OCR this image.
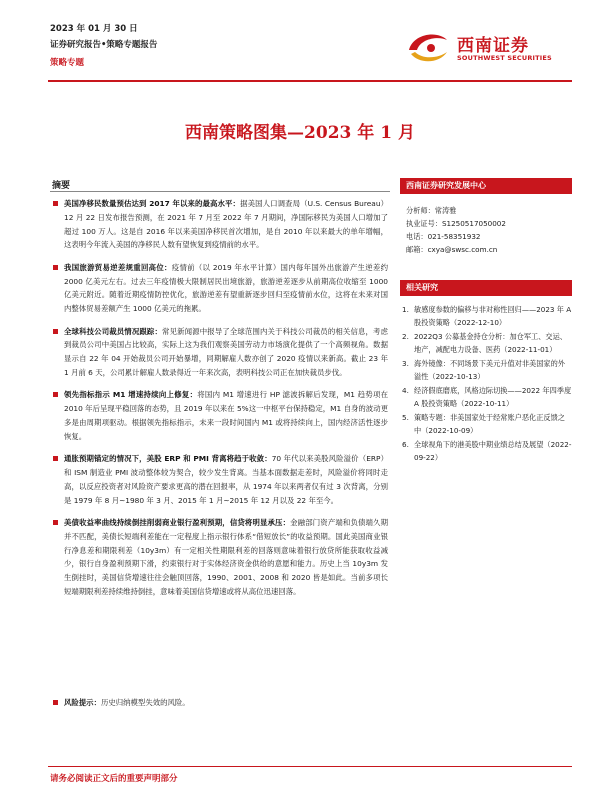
2023 年 01 月 30 日
证券研究报告•策略专题报告
策略专题
西南证券
SOUTHWEST SECURITIES
西南策略图集—2023 年 1 月
摘要
美国净移民数量预估达到 2017 年以来的最高水平：据美国人口调查局（U.S. Census Bureau）12 月 22 日发布报告预测，在 2021 年 7 月至 2022 年 7 月期间，净国际移民为美国人口增加了超过 100 万人。这是自 2016 年以来美国净移民首次增加，是自 2010 年以来最大的单年增幅，这表明今年流入美国的净移民人数有望恢复到疫情前的水平。
我国旅游贸易逆差规重回高位：疫情前（以 2019 年水平计算）国内每年国外出旅游产生逆差约 2000 亿美元左右。过去三年疫情极大限制居民出境旅游，旅游逆差逐步从前期高位收缩至 1000 亿美元附近。随着近期疫情防控优化，旅游逆差有望重新逐步回归至疫情前水位，这将在未来对国内整体贸易差额产生 1000 亿美元的拖累。
全球科技公司裁员情况跟踪：常见新闻源中报导了全球范围内关于科技公司裁员的相关信息，考虑到裁员公司中美国占比较高，实际上这为我们观察美国劳动力市场演化提供了一个高频视角。数据显示自 22 年 04 开始裁员公司开始暴增，同期解雇人数亦创了 2020 疫情以来新高。截止 23 年 1 月前 6 天，公司累计解雇人数录得近一年来次高，表明科技公司正在加快裁员步伐。
领先指标指示 M1 增速持续向上修复：将国内 M1 增速进行 HP 滤波拆解后发现，M1 趋势项在 2010 年后呈现平稳回落的态势，且 2019 年以来在 5%这一中枢平台保持稳定，M1 自身的波动更多是由周期项驱动。根据领先指标指示，未来一段时间国内 M1 或将持续向上，国内经济活性逐步恢复。
通胀预期锚定的情况下，美股 ERP 和 PMI 背离将趋于收敛：70 年代以来美股风险溢价（ERP）和 ISM 制造业 PMI 波动整体较为契合，较少发生背离。当基本面数据走差时，风险溢价将同时走高，以反应投资者对风险资产要求更高的潜在回报率，从 1974 年以来两者仅有过 3 次背离，分别是 1979 年 8 月~1980 年 3 月、2015 年 1 月~2015 年 12 月以及 22 年至今。
美债收益率曲线持续倒挂削弱商业银行盈利预期，信贷将明显承压：金融部门资产端和负债端久期并不匹配，美债长短端利差能在一定程度上指示银行体系“借短放长”的收益预期。国此美国商业银行净息差和期限利差（10y3m）有一定相关性期限利差的回落则意味着银行放贷所能获取收益减少，银行自身盈利预期下滑，约束银行对于实体经济资金供给的意愿和能力。历史上当 10y3m 发生倒挂时，美国信贷增速往往会触顶回落，1990、2001、2008 和 2020 皆是如此。当前多项长短端期限利差持续维持倒挂，意味着美国信贷增速或将从高位迅速回落。
风险提示：历史归纳模型失效的风险。
西南证券研究发展中心
分析师：常涛雅
执业证号：S1250517050002
电话：021-58351932
邮箱：cxya@swsc.com.cn
相关研究
1. 敏感度参数的偏移与非对称性回归——2023 年 A 股投资策略（2022-12-10）
2. 2022Q3 公募基金持仓分析：加仓军工、交运、地产，减配电力设备、医药（2022-11-01）
3. 海外镜像：不同场景下美元升值对非美国家的外溢性（2022-10-13）
4. 经济假底磨底，风格边际切换——2022 年四季度 A 股投资策略（2022-10-11）
5. 策略专题：非美国家处于经常账户恶化正反馈之中（2022-10-09）
6. 全球视角下的港美股中期业绩总结及展望（2022-09-22）
请务必阅读正文后的重要声明部分
